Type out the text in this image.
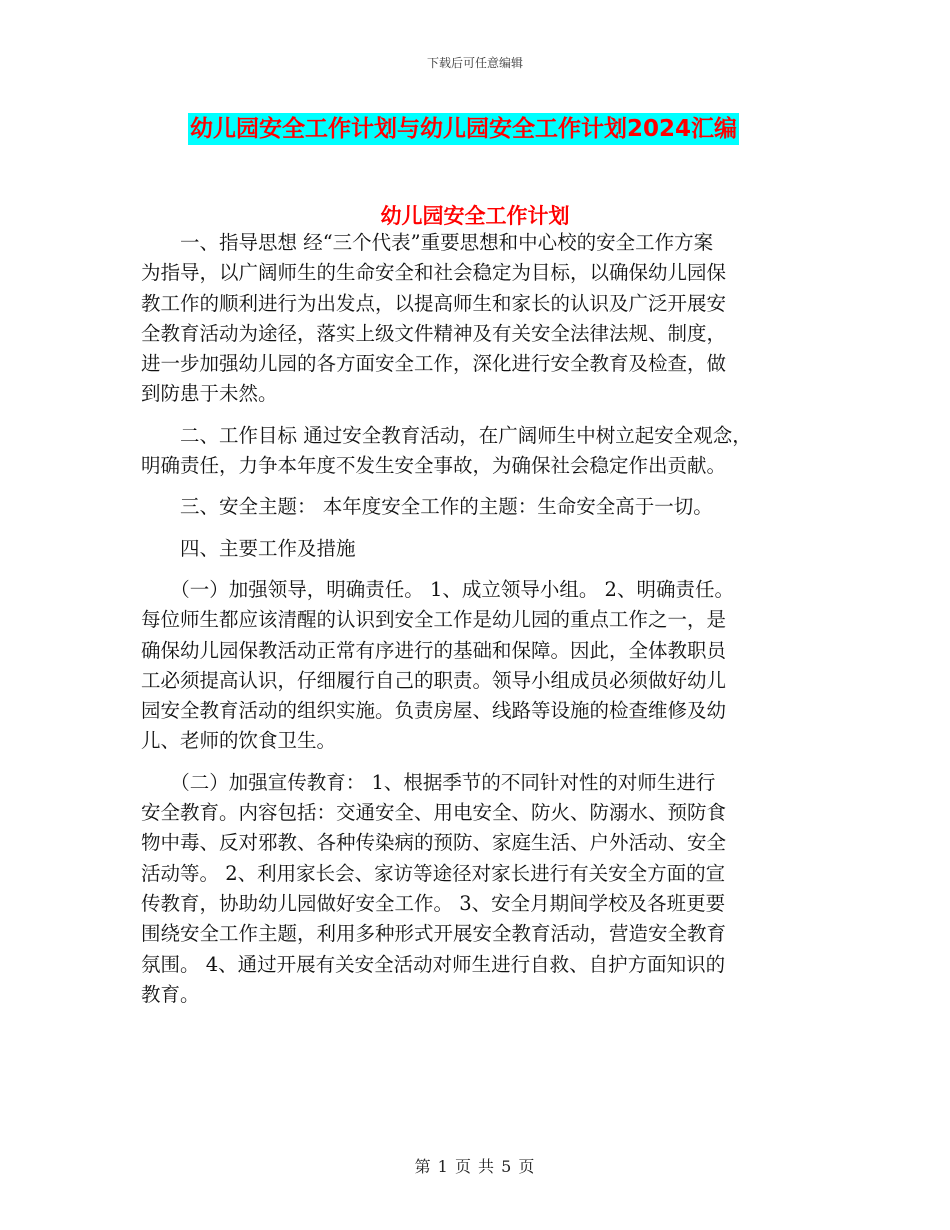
下载后可任意编辑
幼儿园安全工作计划与幼儿园安全工作计划2024汇编
幼儿园安全工作计划
　　一、指导思想 经“三个代表”重要思想和中心校的安全工作方案
为指导，以广阔师生的生命安全和社会稳定为目标，以确保幼儿园保
教工作的顺利进行为出发点，以提高师生和家长的认识及广泛开展安
全教育活动为途径，落实上级文件精神及有关安全法律法规、制度，
进一步加强幼儿园的各方面安全工作，深化进行安全教育及检查，做
到防患于未然。
　　二、工作目标 通过安全教育活动，在广阔师生中树立起安全观念，
明确责任，力争本年度不发生安全事故，为确保社会稳定作出贡献。
　　三、安全主题： 本年度安全工作的主题：生命安全高于一切。
　　四、主要工作及措施
　　（一）加强领导，明确责任。 1、成立领导小组。 2、明确责任。
每位师生都应该清醒的认识到安全工作是幼儿园的重点工作之一，是
确保幼儿园保教活动正常有序进行的基础和保障。因此，全体教职员
工必须提高认识，仔细履行自己的职责。领导小组成员必须做好幼儿
园安全教育活动的组织实施。负责房屋、线路等设施的检查维修及幼
儿、老师的饮食卫生。
　　（二）加强宣传教育： 1、根据季节的不同针对性的对师生进行
安全教育。内容包括：交通安全、用电安全、防火、防溺水、预防食
物中毒、反对邪教、各种传染病的预防、家庭生活、户外活动、安全
活动等。 2、利用家长会、家访等途径对家长进行有关安全方面的宣
传教育，协助幼儿园做好安全工作。 3、安全月期间学校及各班更要
围绕安全工作主题，利用多种形式开展安全教育活动，营造安全教育
氛围。 4、通过开展有关安全活动对师生进行自救、自护方面知识的
教育。
第 1 页 共 5 页
